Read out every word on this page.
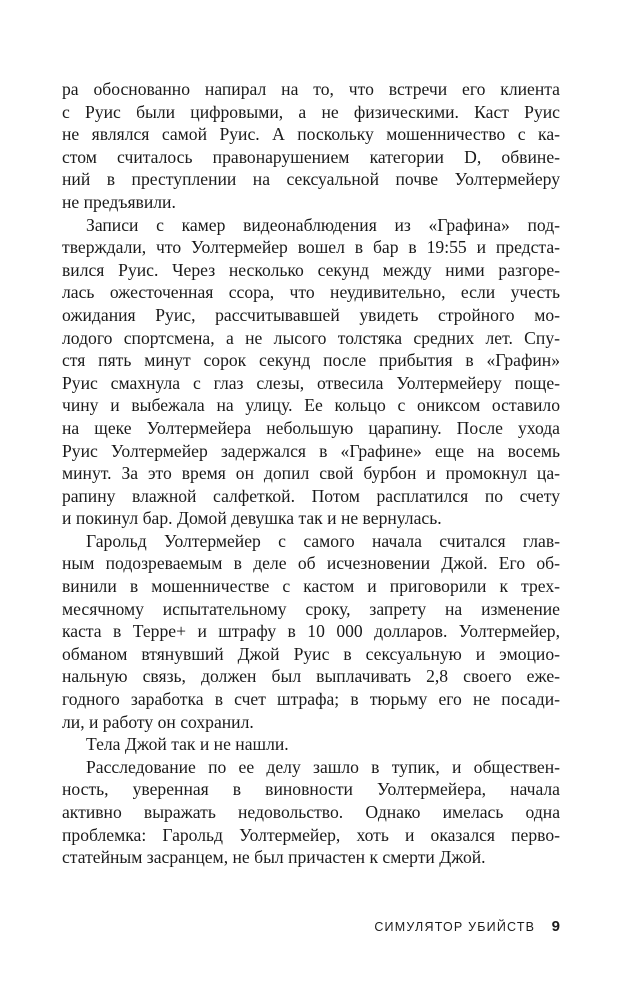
ра обоснованно напирал на то, что встречи его клиента
с Руис были цифровыми, а не физическими. Каст Руис
не являлся самой Руис. А поскольку мошенничество с ка-
стом считалось правонарушением категории D, обвине-
ний в преступлении на сексуальной почве Уолтермейеру
не предъявили.
Записи с камер видеонаблюдения из «Графина» под-
тверждали, что Уолтермейер вошел в бар в 19:55 и предста-
вился Руис. Через несколько секунд между ними разгоре-
лась ожесточенная ссора, что неудивительно, если учесть
ожидания Руис, рассчитывавшей увидеть стройного мо-
лодого спортсмена, а не лысого толстяка средних лет. Спу-
стя пять минут сорок секунд после прибытия в «Графин»
Руис смахнула с глаз слезы, отвесила Уолтермейеру поще-
чину и выбежала на улицу. Ее кольцо с ониксом оставило
на щеке Уолтермейера небольшую царапину. После ухода
Руис Уолтермейер задержался в «Графине» еще на восемь
минут. За это время он допил свой бурбон и промокнул ца-
рапину влажной салфеткой. Потом расплатился по счету
и покинул бар. Домой девушка так и не вернулась.
Гарольд Уолтермейер с самого начала считался глав-
ным подозреваемым в деле об исчезновении Джой. Его об-
винили в мошенничестве с кастом и приговорили к трех-
месячному испытательному сроку, запрету на изменение
каста в Терре+ и штрафу в 10 000 долларов. Уолтермейер,
обманом втянувший Джой Руис в сексуальную и эмоцио-
нальную связь, должен был выплачивать 2,8 своего еже-
годного заработка в счет штрафа; в тюрьму его не посади-
ли, и работу он сохранил.
Тела Джой так и не нашли.
Расследование по ее делу зашло в тупик, и обществен-
ность, уверенная в виновности Уолтермейера, начала
активно выражать недовольство. Однако имелась одна
проблемка: Гарольд Уолтермейер, хоть и оказался перво-
статейным засранцем, не был причастен к смерти Джой.
СИМУЛЯТОР УБИЙСТВ 9
